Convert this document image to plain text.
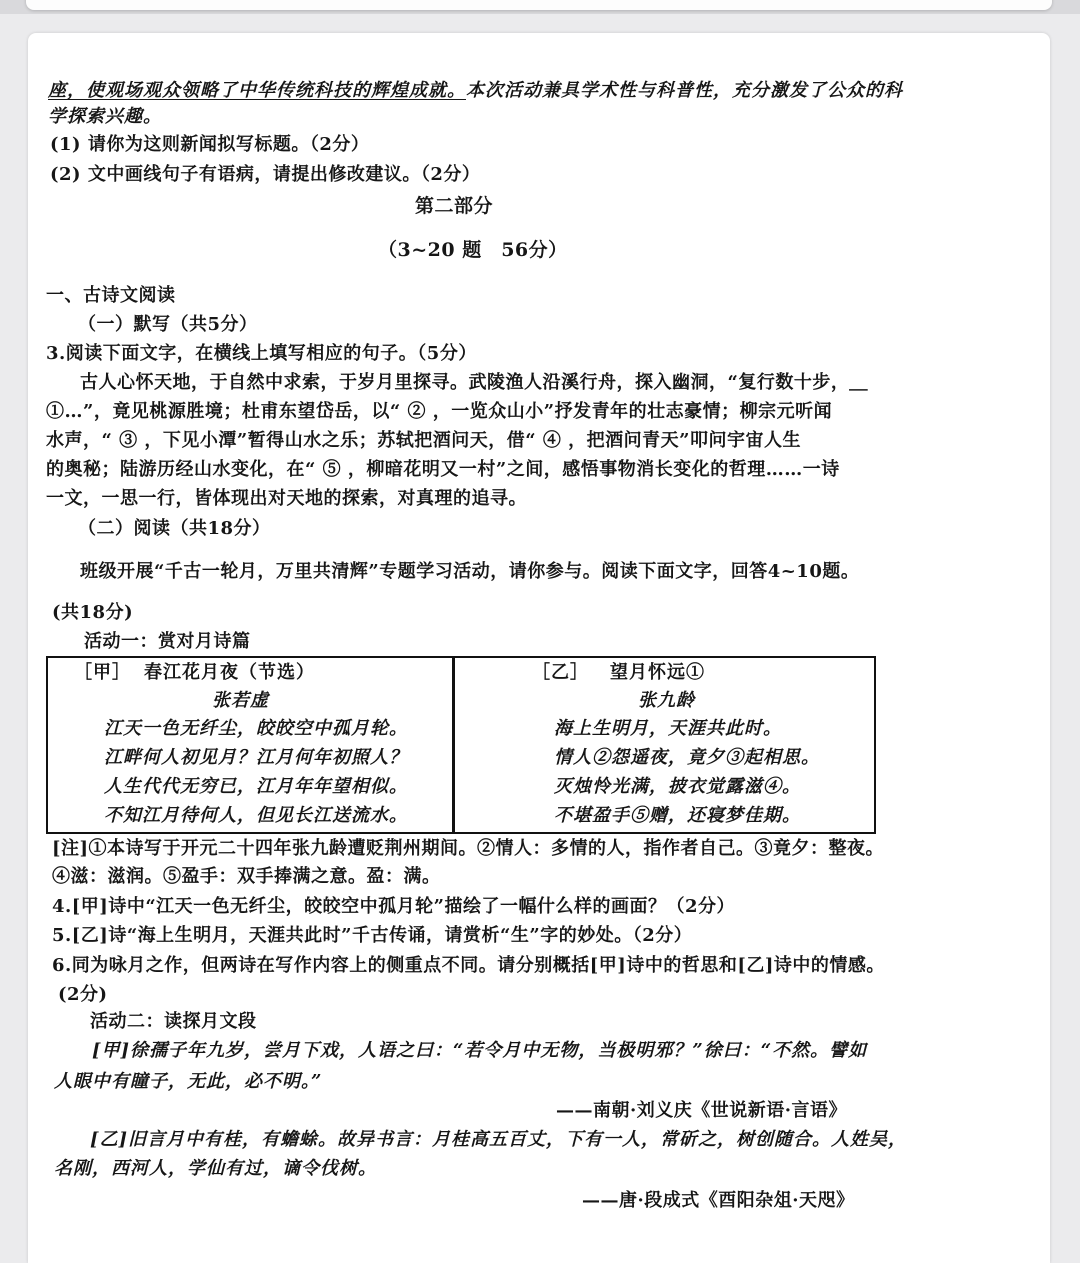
座，使观场观众领略了中华传统科技的辉煌成就。本次活动兼具学术性与科普性，充分激发了公众的科
学探索兴趣。
(1) 请你为这则新闻拟写标题。（2分）
(2) 文中画线句子有语病，请提出修改建议。（2分）
第二部分
（3~20 题　56分）
一、古诗文阅读
（一）默写（共5分）
3.阅读下面文字，在横线上填写相应的句子。（5分）
古人心怀天地，于自然中求索，于岁月里探寻。武陵渔人沿溪行舟，探入幽洞，“复行数十步，＿
①…”，竟见桃源胜境；杜甫东望岱岳，以“ ② ，一览众山小”抒发青年的壮志豪情；柳宗元听闻
水声，“ ③ ，下见小潭”暂得山水之乐；苏轼把酒问天，借“ ④ ，把酒问青天”叩问宇宙人生
的奥秘；陆游历经山水变化，在“ ⑤ ，柳暗花明又一村”之间，感悟事物消长变化的哲理……一诗
一文，一思一行，皆体现出对天地的探索，对真理的追寻。
（二）阅读（共18分）
班级开展“千古一轮月，万里共清辉”专题学习活动，请你参与。阅读下面文字，回答4~10题。
(共18分)
活动一：赏对月诗篇
［甲］ 春江花月夜（节选）
张若虚
江天一色无纤尘，皎皎空中孤月轮。
江畔何人初见月？江月何年初照人？
人生代代无穷已，江月年年望相似。
不知江月待何人，但见长江送流水。
［乙］ 望月怀远①
张九龄
海上生明月，天涯共此时。
情人②怨遥夜，竟夕③起相思。
灭烛怜光满，披衣觉露滋④。
不堪盈手⑤赠，还寝梦佳期。
[注]①本诗写于开元二十四年张九龄遭贬荆州期间。②情人：多情的人，指作者自己。③竟夕：整夜。
④滋：滋润。⑤盈手：双手捧满之意。盈：满。
4.[甲]诗中“江天一色无纤尘，皎皎空中孤月轮”描绘了一幅什么样的画面？（2分）
5.[乙]诗“海上生明月，天涯共此时”千古传诵，请赏析“生”字的妙处。（2分）
6.同为咏月之作，但两诗在写作内容上的侧重点不同。请分别概括[甲]诗中的哲思和[乙]诗中的情感。
(2分)
活动二：读探月文段
[甲]徐孺子年九岁，尝月下戏，人语之曰：“若令月中无物，当极明邪？”徐曰：“不然。譬如
人眼中有瞳子，无此，必不明。”
——南朝·刘义庆《世说新语·言语》
[乙]旧言月中有桂，有蟾蜍。故异书言：月桂高五百丈，下有一人，常斫之，树创随合。人姓吴，
名刚，西河人，学仙有过，谪令伐树。
——唐·段成式《酉阳杂俎·天咫》
